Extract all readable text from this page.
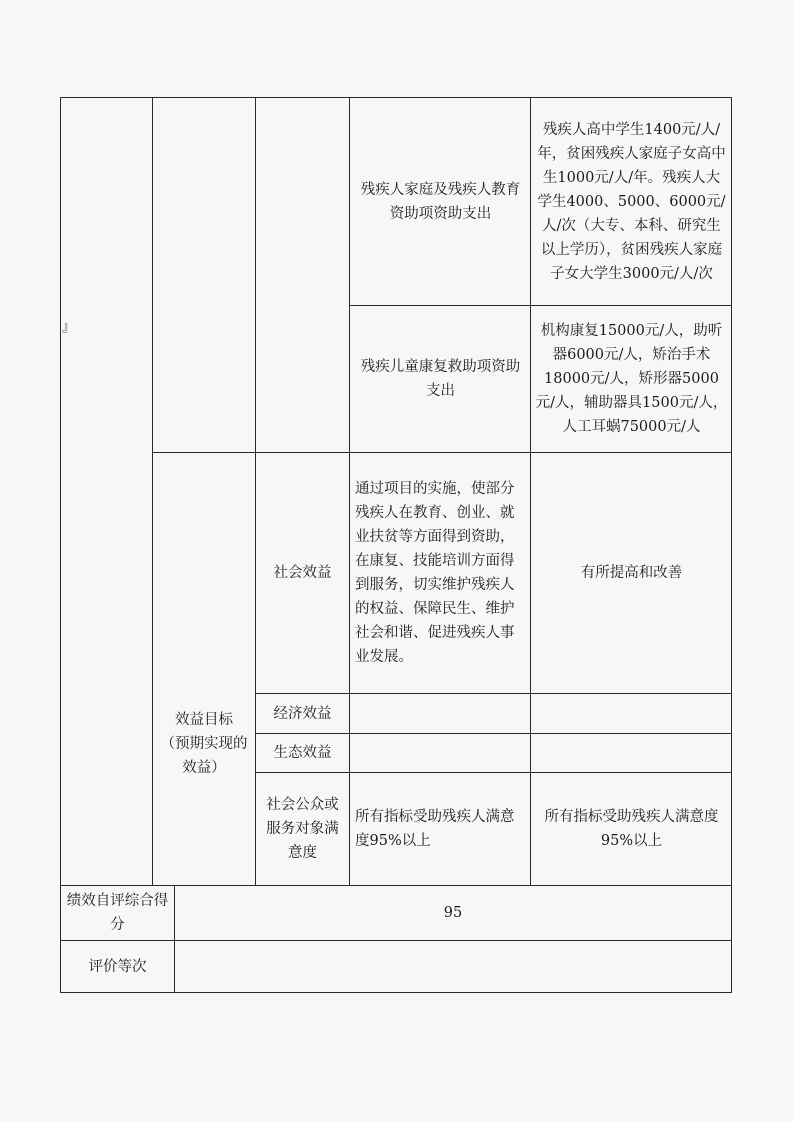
』
残疾人家庭及残疾人教育资助项资助支出
残疾人高中学生1400元/人/年，贫困残疾人家庭子女高中生1000元/人/年。残疾人大学生4000、5000、6000元/人/次（大专、本科、研究生以上学历），贫困残疾人家庭子女大学生3000元/人/次
残疾儿童康复救助项资助支出
机构康复15000元/人，助听器6000元/人，矫治手术18000元/人，矫形器5000元/人，辅助器具1500元/人，人工耳蜗75000元/人
效益目标
（预期实现的效益）
社会效益
通过项目的实施，使部分残疾人在教育、创业、就业扶贫等方面得到资助，在康复、技能培训方面得到服务，切实维护残疾人的权益、保障民生、维护社会和谐、促进残疾人事业发展。
有所提高和改善
经济效益
生态效益
社会公众或服务对象满意度
所有指标受助残疾人满意度95%以上
所有指标受助残疾人满意度95%以上
绩效自评综合得分
95
评价等次
